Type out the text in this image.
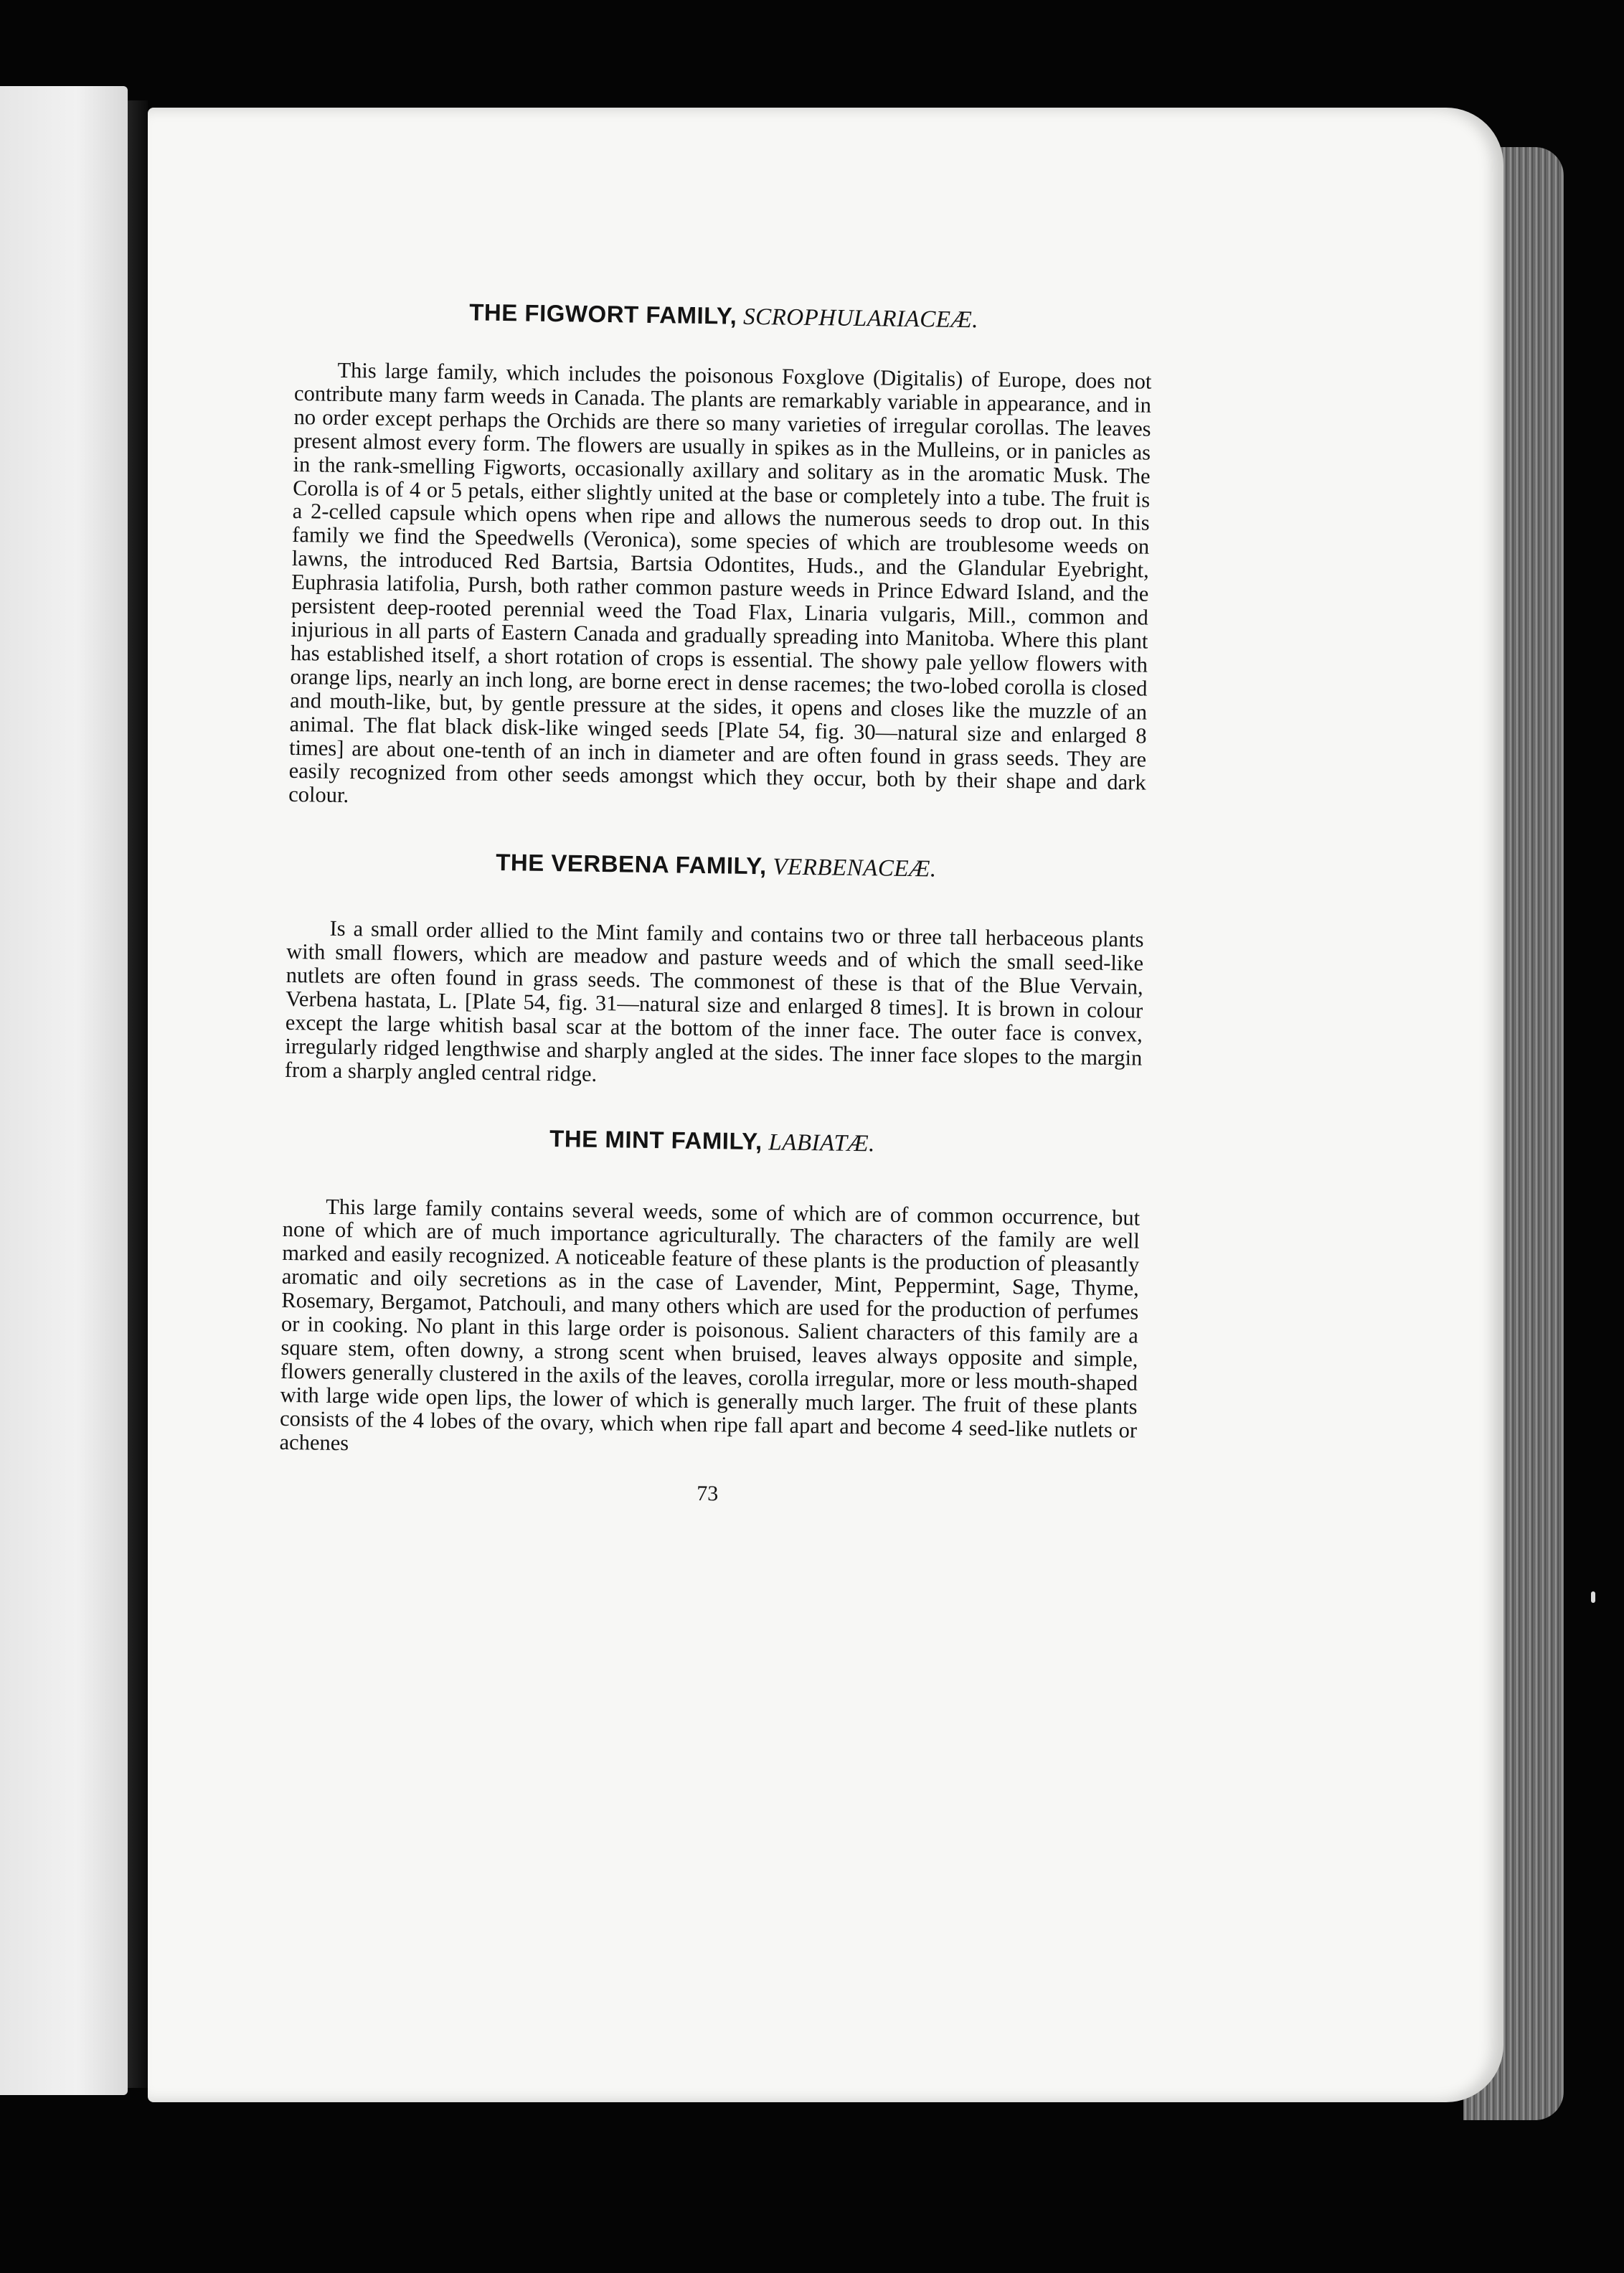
THE FIGWORT FAMILY, SCROPHULARIACEÆ.

This large family, which includes the poisonous Foxglove (Digitalis) of Europe, does not contribute many farm weeds in Canada. The plants are remarkably variable in appearance, and in no order except perhaps the Orchids are there so many varieties of irregular corollas. The leaves present almost every form. The flowers are usually in spikes as in the Mulleins, or in panicles as in the rank-smelling Figworts, occasionally axillary and solitary as in the aromatic Musk. The Corolla is of 4 or 5 petals, either slightly united at the base or completely into a tube. The fruit is a 2-celled capsule which opens when ripe and allows the numerous seeds to drop out. In this family we find the Speedwells (Veronica), some species of which are troublesome weeds on lawns, the introduced Red Bartsia, Bartsia Odontites, Huds., and the Glandular Eyebright, Euphrasia latifolia, Pursh, both rather common pasture weeds in Prince Edward Island, and the persistent deep-rooted perennial weed the Toad Flax, Linaria vulgaris, Mill., common and injurious in all parts of Eastern Canada and gradually spreading into Manitoba. Where this plant has established itself, a short rotation of crops is essential. The showy pale yellow flowers with orange lips, nearly an inch long, are borne erect in dense racemes; the two-lobed corolla is closed and mouth-like, but, by gentle pressure at the sides, it opens and closes like the muzzle of an animal. The flat black disk-like winged seeds [Plate 54, fig. 30—natural size and enlarged 8 times] are about one-tenth of an inch in diameter and are often found in grass seeds. They are easily recognized from other seeds amongst which they occur, both by their shape and dark colour.

THE VERBENA FAMILY, VERBENACEÆ.

Is a small order allied to the Mint family and contains two or three tall herbaceous plants with small flowers, which are meadow and pasture weeds and of which the small seed-like nutlets are often found in grass seeds. The commonest of these is that of the Blue Vervain, Verbena hastata, L. [Plate 54, fig. 31—natural size and enlarged 8 times]. It is brown in colour except the large whitish basal scar at the bottom of the inner face. The outer face is convex, irregularly ridged lengthwise and sharply angled at the sides. The inner face slopes to the margin from a sharply angled central ridge.

THE MINT FAMILY, LABIATÆ.

This large family contains several weeds, some of which are of common occurrence, but none of which are of much importance agriculturally. The characters of the family are well marked and easily recognized. A noticeable feature of these plants is the production of pleasantly aromatic and oily secretions as in the case of Lavender, Mint, Peppermint, Sage, Thyme, Rosemary, Bergamot, Patchouli, and many others which are used for the production of perfumes or in cooking. No plant in this large order is poisonous. Salient characters of this family are a square stem, often downy, a strong scent when bruised, leaves always opposite and simple, flowers generally clustered in the axils of the leaves, corolla irregular, more or less mouth-shaped with large wide open lips, the lower of which is generally much larger. The fruit of these plants consists of the 4 lobes of the ovary, which when ripe fall apart and become 4 seed-like nutlets or achenes

73
